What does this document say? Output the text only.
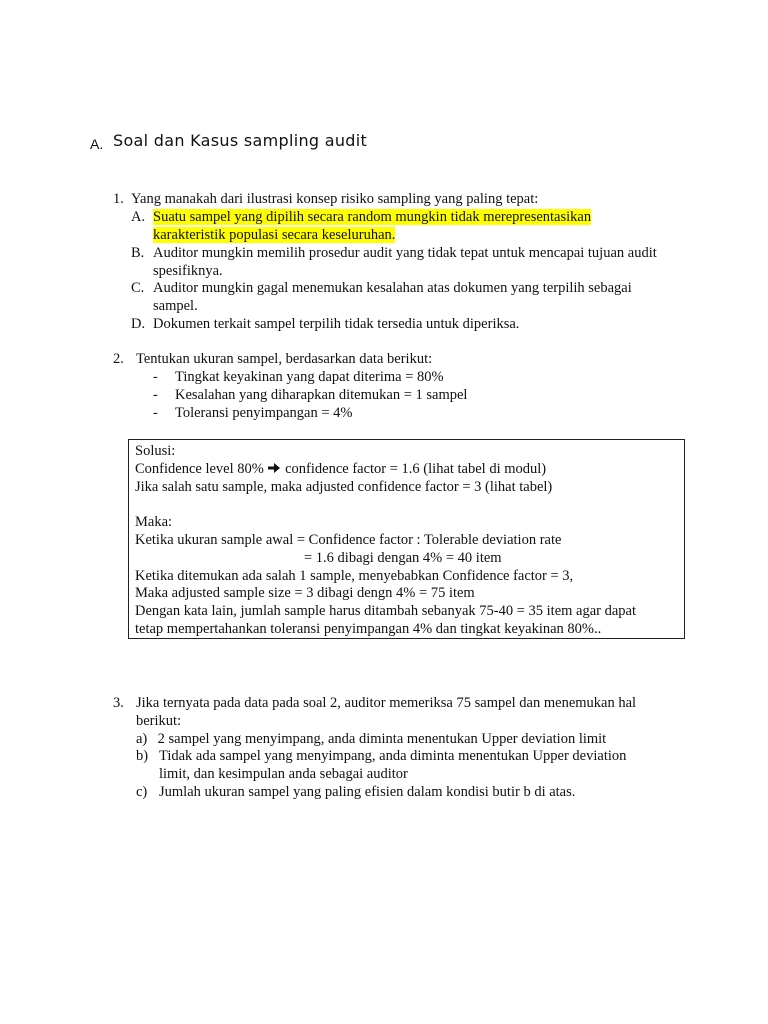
A. Soal dan Kasus sampling audit
1. Yang manakah dari ilustrasi konsep risiko sampling yang paling tepat:
A. Suatu sampel yang dipilih secara random mungkin tidak merepresentasikan
karakteristik populasi secara keseluruhan.
B. Auditor mungkin memilih prosedur audit yang tidak tepat untuk mencapai tujuan audit
spesifiknya.
C. Auditor mungkin gagal menemukan kesalahan atas dokumen yang terpilih sebagai
sampel.
D. Dokumen terkait sampel terpilih tidak tersedia untuk diperiksa.
2. Tentukan ukuran sampel, berdasarkan data berikut:
- Tingkat keyakinan yang dapat diterima = 80%
- Kesalahan yang diharapkan ditemukan = 1 sampel
- Toleransi penyimpangan = 4%
Solusi:
Confidence level 80%  confidence factor = 1.6 (lihat tabel di modul)
Jika salah satu sample, maka adjusted confidence factor = 3 (lihat tabel)
Maka:
Ketika ukuran sample awal = Confidence factor : Tolerable deviation rate
= 1.6 dibagi dengan 4% = 40 item
Ketika ditemukan ada salah 1 sample, menyebabkan Confidence factor = 3,
Maka adjusted sample size = 3 dibagi dengn 4% = 75 item
Dengan kata lain, jumlah sample harus ditambah sebanyak 75-40 = 35 item agar dapat
tetap mempertahankan toleransi penyimpangan 4% dan tingkat keyakinan 80%..
3. Jika ternyata pada data pada soal 2, auditor memeriksa 75 sampel dan menemukan hal
berikut:
a) 2 sampel yang menyimpang, anda diminta menentukan Upper deviation limit
b) Tidak ada sampel yang menyimpang, anda diminta menentukan Upper deviation
limit, dan kesimpulan anda sebagai auditor
c) Jumlah ukuran sampel yang paling efisien dalam kondisi butir b di atas.
